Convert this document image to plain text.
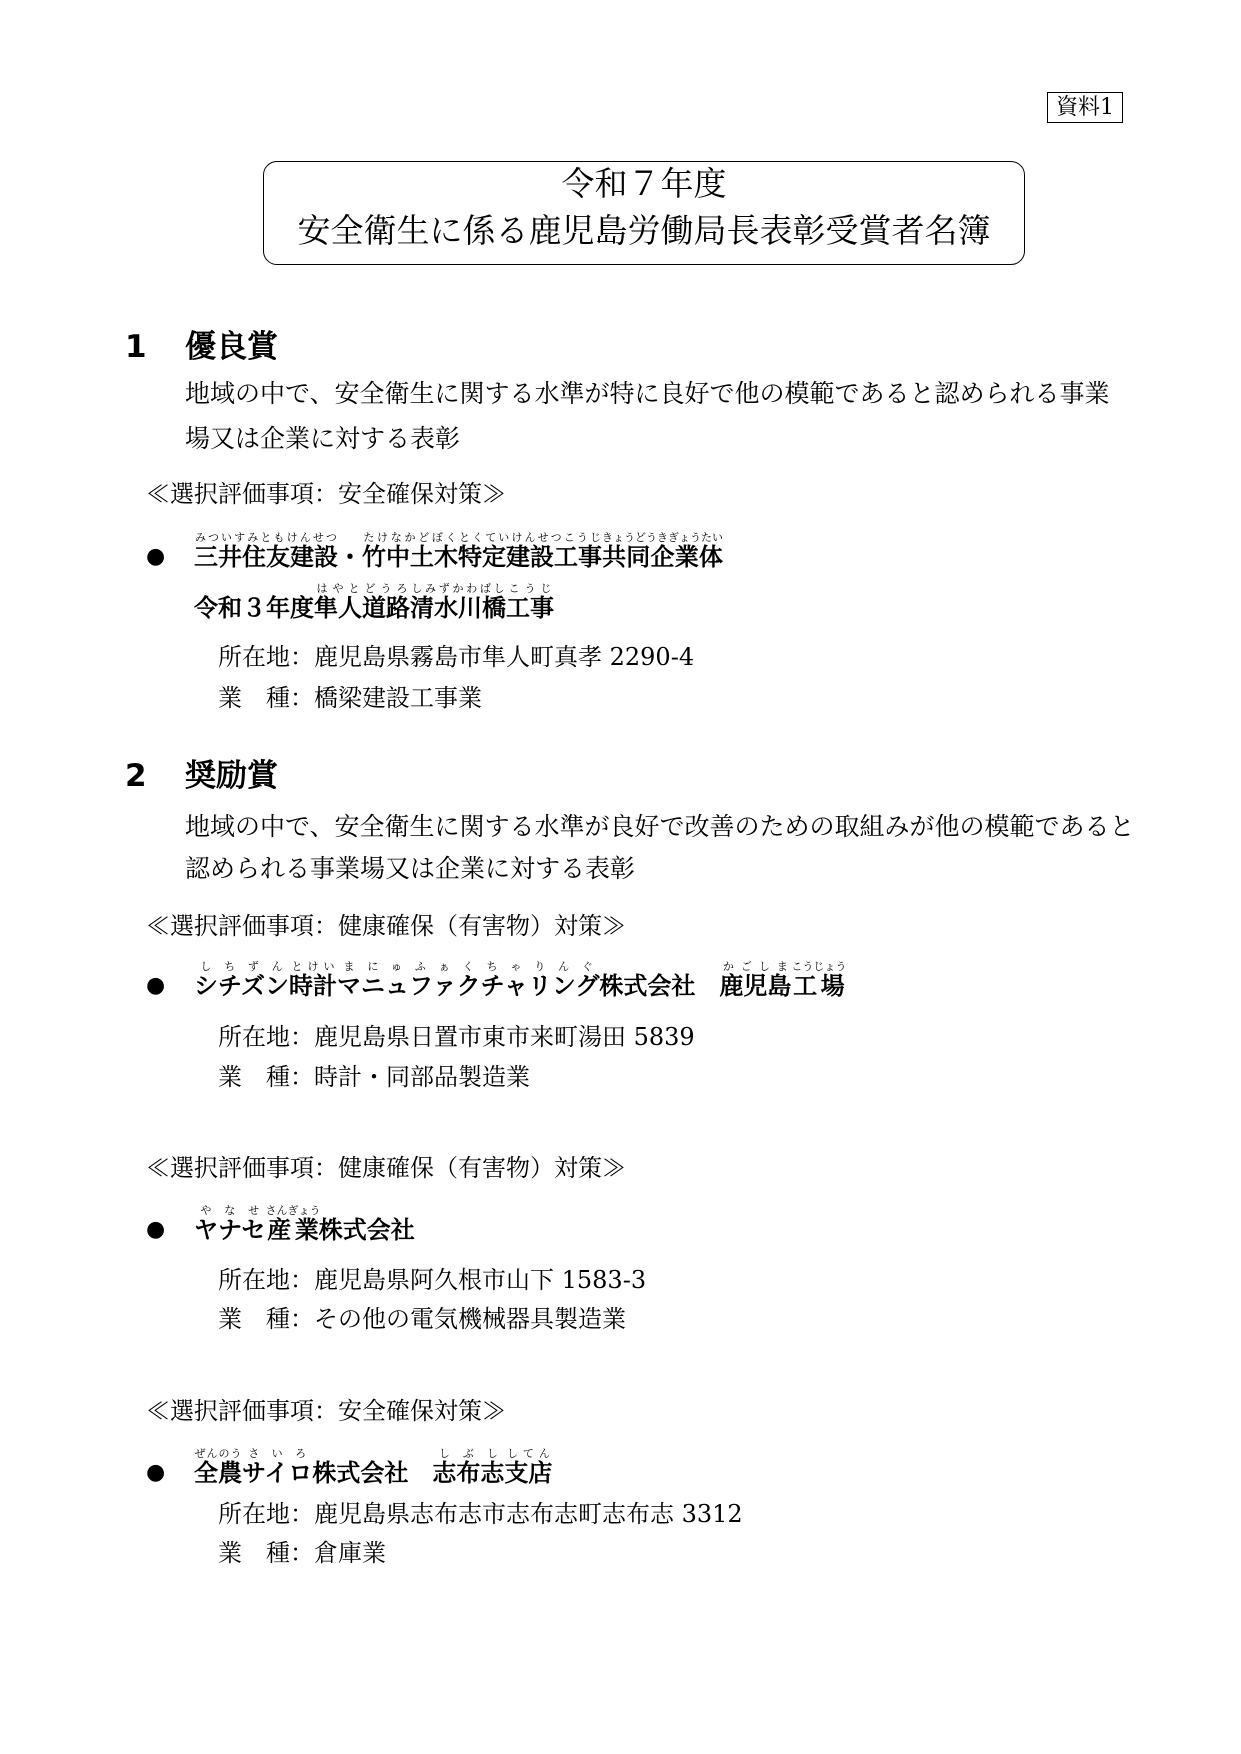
資料1
令和７年度
安全衛生に係る鹿児島労働局長表彰受賞者名簿
1 優良賞
地域の中で、安全衛生に関する水準が特に良好で他の模範であると認められる事業
場又は企業に対する表彰
≪選択評価事項：安全確保対策≫
● 三井住友建設みついすみともけんせつ・竹中土木たけなかどぼく特定建設工事とくていけんせつこうじ共同企業体きょうどうきぎょうたい
令和３年度隼人はやと道路どうろ清水川橋しみずかわばし工事こうじ
所在地：鹿児島県霧島市隼人町真孝 2290-4
業　種：橋梁建設工事業
2 奨励賞
地域の中で、安全衛生に関する水準が良好で改善のための取組みが他の模範であると
認められる事業場又は企業に対する表彰
≪選択評価事項：健康確保（有害物）対策≫
● シチズンしちずん時計とけいマニュファクチャリングまにゅふぁくちゃりんぐ株式会社　鹿児島かごしま工場こうじょう
所在地：鹿児島県日置市東市来町湯田 5839
業　種：時計・同部品製造業
≪選択評価事項：健康確保（有害物）対策≫
● ヤナセやなせ産業さんぎょう株式会社
所在地：鹿児島県阿久根市山下 1583-3
業　種：その他の電気機械器具製造業
≪選択評価事項：安全確保対策≫
● 全農ぜんのうサイロさいろ株式会社　志布志しぶし支店してん
所在地：鹿児島県志布志市志布志町志布志 3312
業　種：倉庫業
